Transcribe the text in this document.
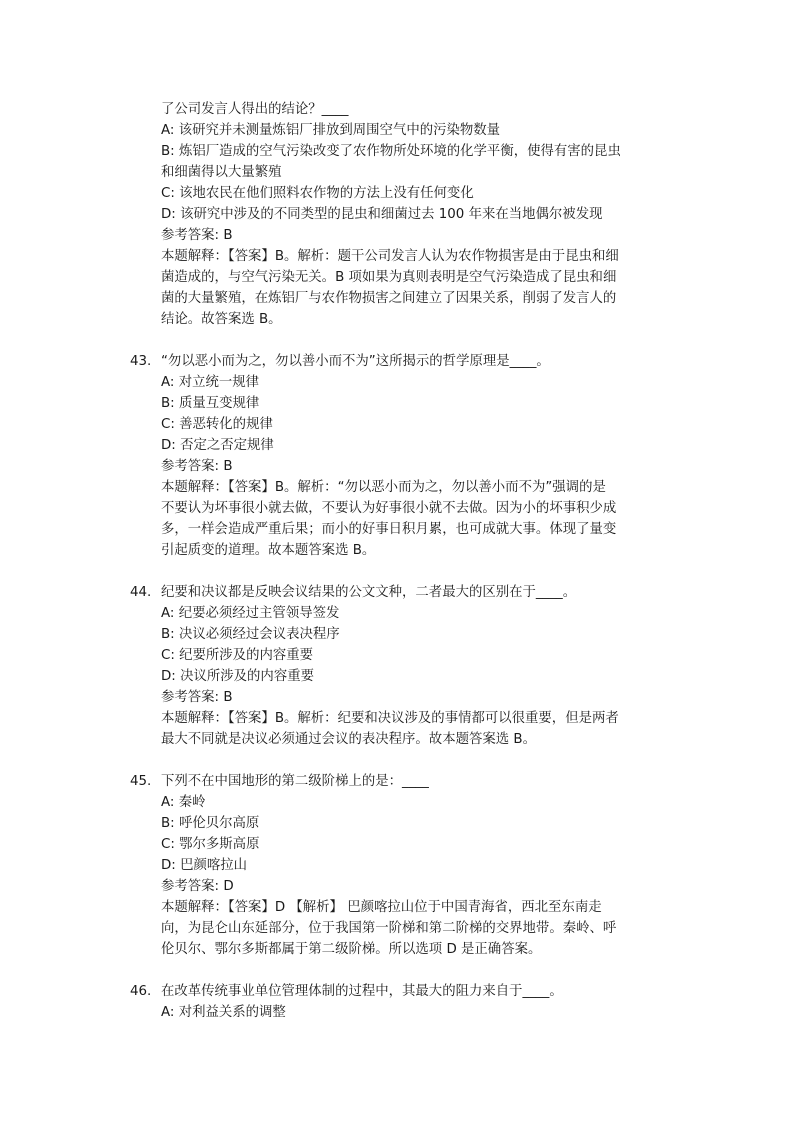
了公司发言人得出的结论？____
A: 该研究并未测量炼铝厂排放到周围空气中的污染物数量
B: 炼铝厂造成的空气污染改变了农作物所处环境的化学平衡，使得有害的昆虫
和细菌得以大量繁殖
C: 该地农民在他们照料农作物的方法上没有任何变化
D: 该研究中涉及的不同类型的昆虫和细菌过去 100 年来在当地偶尔被发现
参考答案: B
本题解释：【答案】B。解析：题干公司发言人认为农作物损害是由于昆虫和细
菌造成的，与空气污染无关。B 项如果为真则表明是空气污染造成了昆虫和细
菌的大量繁殖，在炼铝厂与农作物损害之间建立了因果关系，削弱了发言人的
结论。故答案选 B。
43. “勿以恶小而为之，勿以善小而不为”这所揭示的哲学原理是____。
A: 对立统一规律
B: 质量互变规律
C: 善恶转化的规律
D: 否定之否定规律
参考答案: B
本题解释：【答案】B。解析：“勿以恶小而为之，勿以善小而不为”强调的是
不要认为坏事很小就去做，不要认为好事很小就不去做。因为小的坏事积少成
多，一样会造成严重后果；而小的好事日积月累，也可成就大事。体现了量变
引起质变的道理。故本题答案选 B。
44. 纪要和决议都是反映会议结果的公文文种，二者最大的区别在于____。
A: 纪要必须经过主管领导签发
B: 决议必须经过会议表决程序
C: 纪要所涉及的内容重要
D: 决议所涉及的内容重要
参考答案: B
本题解释：【答案】B。解析：纪要和决议涉及的事情都可以很重要，但是两者
最大不同就是决议必须通过会议的表决程序。故本题答案选 B。
45. 下列不在中国地形的第二级阶梯上的是：____
A: 秦岭
B: 呼伦贝尔高原
C: 鄂尔多斯高原
D: 巴颜喀拉山
参考答案: D
本题解释：【答案】D 【解析】 巴颜喀拉山位于中国青海省，西北至东南走
向，为昆仑山东延部分，位于我国第一阶梯和第二阶梯的交界地带。秦岭、呼
伦贝尔、鄂尔多斯都属于第二级阶梯。所以选项 D 是正确答案。
46. 在改革传统事业单位管理体制的过程中，其最大的阻力来自于____。
A: 对利益关系的调整
